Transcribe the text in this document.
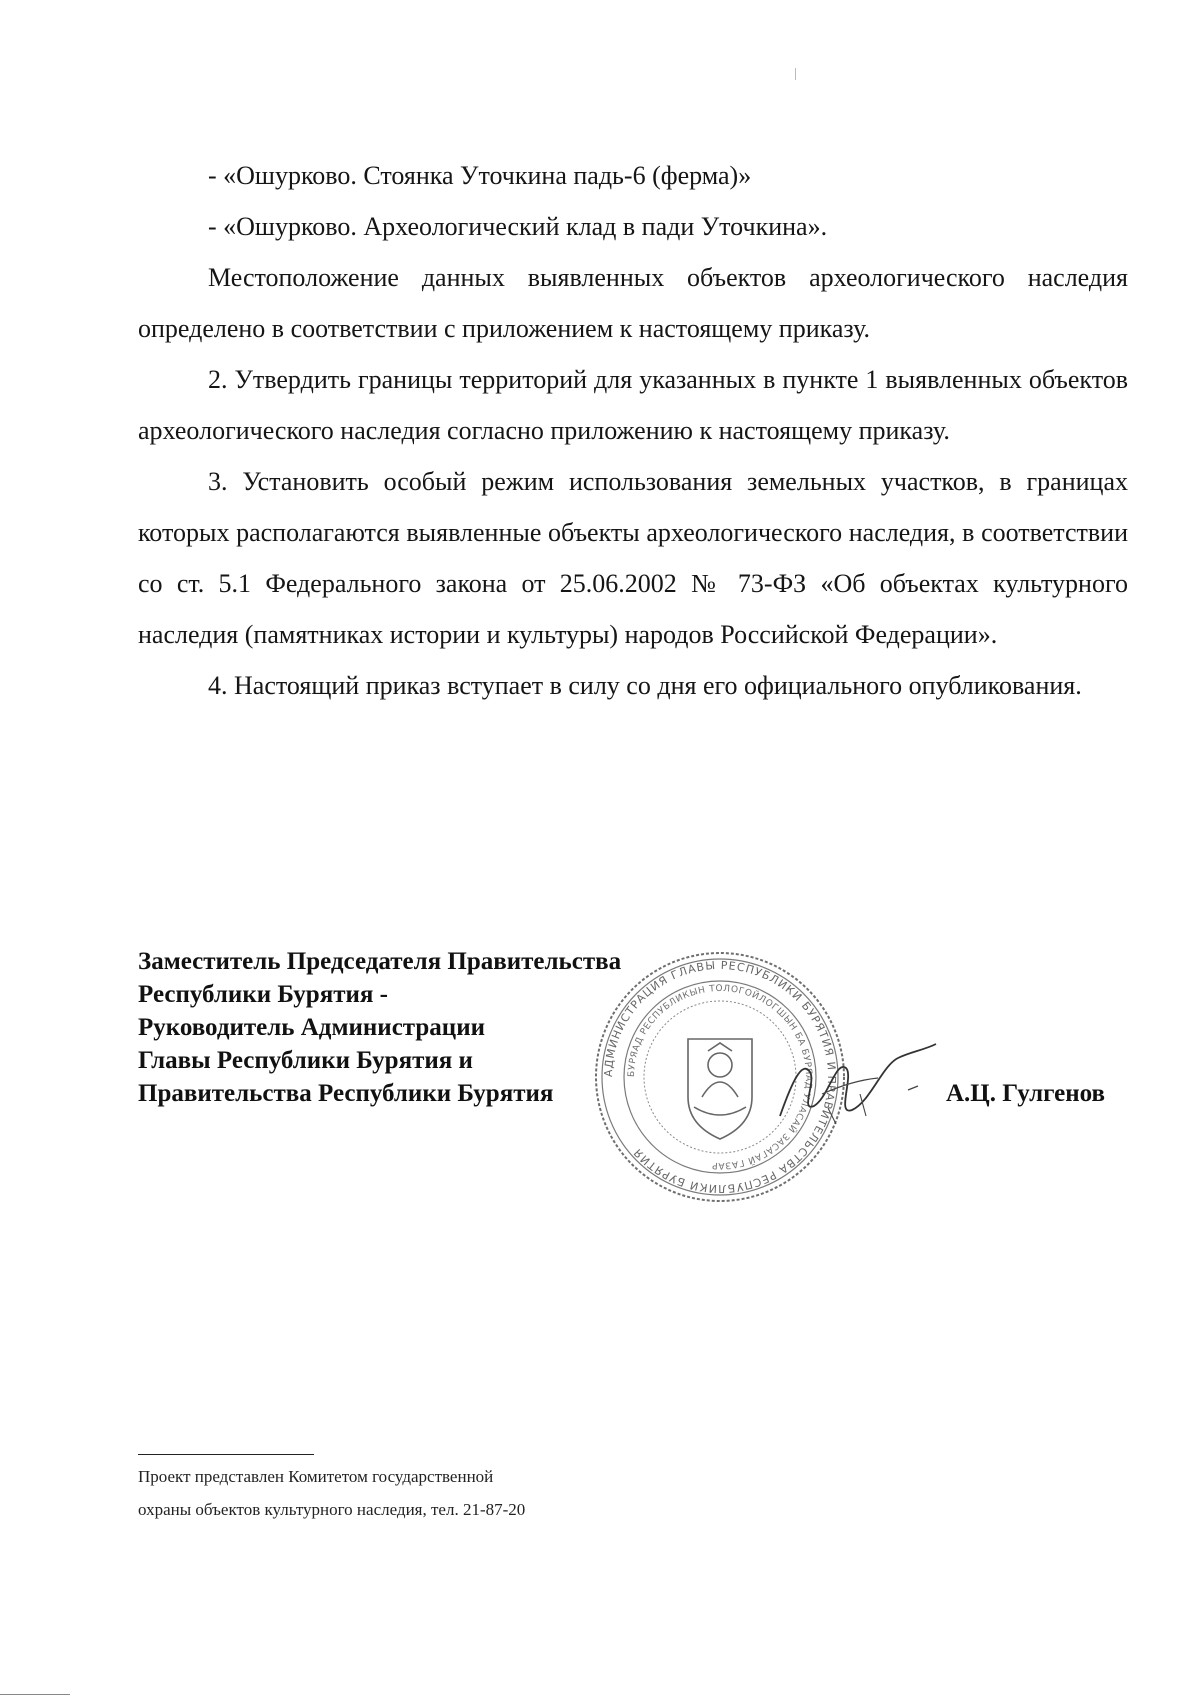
- «Ошурково. Стоянка Уточкина падь-6 (ферма)»

- «Ошурково. Археологический клад в пади Уточкина».

Местоположение данных выявленных объектов археологического наследия определено в соответствии с приложением к настоящему приказу.

2. Утвердить границы территорий для указанных в пункте 1 выявленных объектов археологического наследия согласно приложению к настоящему приказу.

3. Установить особый режим использования земельных участков, в границах которых располагаются выявленные объекты археологического наследия, в соответствии со ст. 5.1 Федерального закона от 25.06.2002 № 73-ФЗ «Об объектах культурного наследия (памятниках истории и культуры) народов Российской Федерации».

4. Настоящий приказ вступает в силу со дня его официального опубликования.

АДМИНИСТРАЦИЯ ГЛАВЫ РЕСПУБЛИКИ БУРЯТИЯ И ПРАВИТЕЛЬСТВА РЕСПУБЛИКИ БУРЯТИЯ
БУРЯАД РЕСПУБЛИКЫН ТОЛОГОЙЛОГШЫН БА БУРЯАД УЛАСАЙ ЗАСАГАЙ ГАЗАР
Заместитель Председателя Правительства
Республики Бурятия -
Руководитель Администрации
Главы Республики Бурятия и
Правительства Республики Бурятия	А.Ц. Гулгенов
Проект представлен Комитетом государственной
охраны объектов культурного наследия, тел. 21-87-20
